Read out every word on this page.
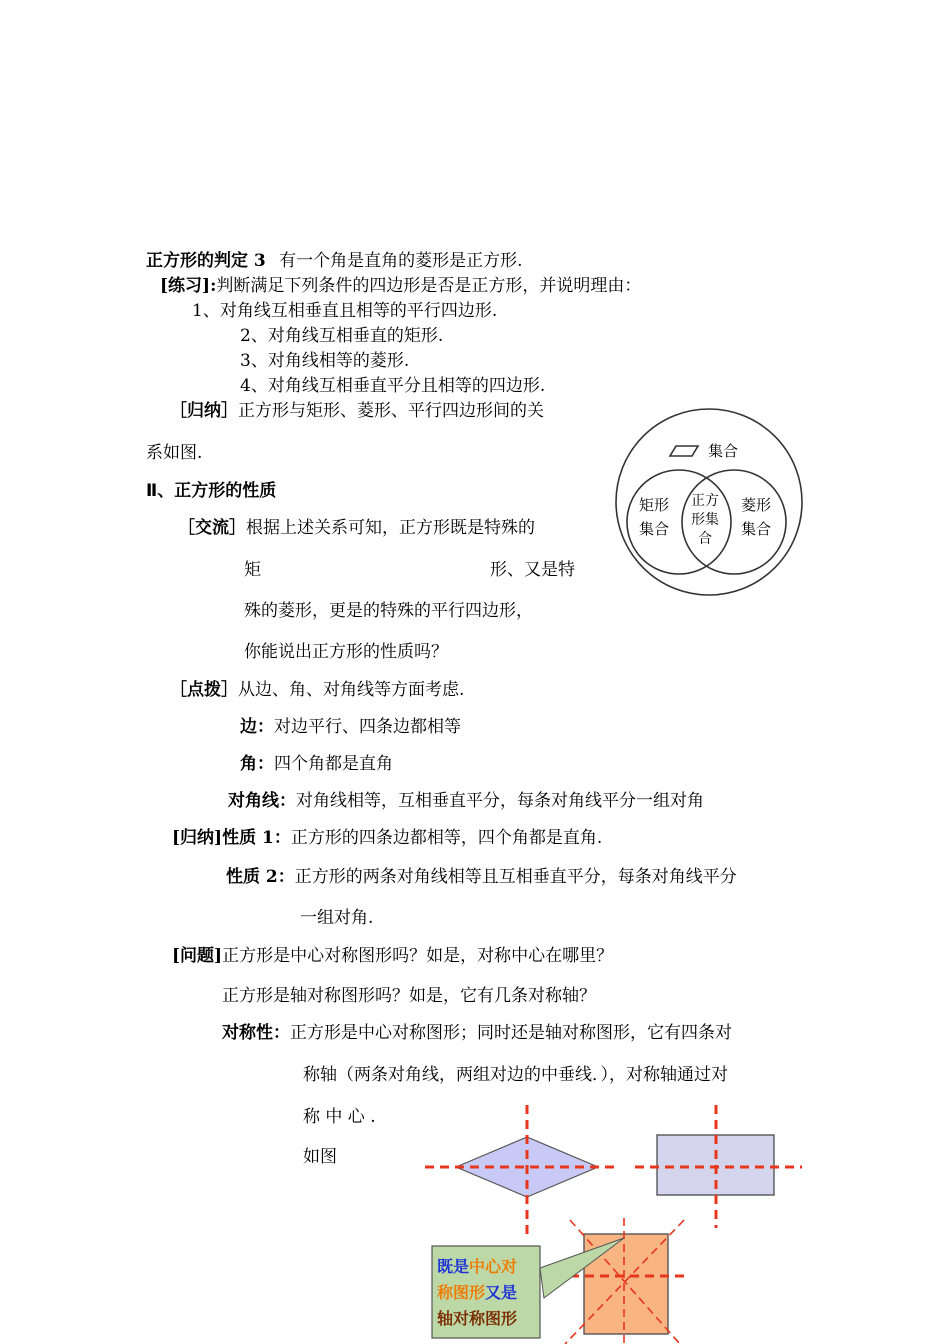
正方形的判定 3 有一个角是直角的菱形是正方形.
[练习]:判断满足下列条件的四边形是否是正方形，并说明理由：
1、对角线互相垂直且相等的平行四边形.
2、对角线互相垂直的矩形.
3、对角线相等的菱形.
4、对角线互相垂直平分且相等的四边形.
［归纳］正方形与矩形、菱形、平行四边形间的关
系如图.	集合
矩形
集合
菱形
集合
正方
形集
合
Ⅱ、正方形的性质
［交流］根据上述关系可知，正方形既是特殊的
矩	形、又是特
殊的菱形，更是的特殊的平行四边形，
你能说出正方形的性质吗？
［点拨］从边、角、对角线等方面考虑.
边：对边平行、四条边都相等
角：四个角都是直角
对角线：对角线相等，互相垂直平分，每条对角线平分一组对角
[归纳]性质 1：正方形的四条边都相等，四个角都是直角.
性质 2：正方形的两条对角线相等且互相垂直平分，每条对角线平分
一组对角.
[问题]正方形是中心对称图形吗？如是，对称中心在哪里？
正方形是轴对称图形吗？如是，它有几条对称轴？
对称性：正方形是中心对称图形；同时还是轴对称图形，它有四条对
称轴（两条对角线，两组对边的中垂线．），对称轴通过对
称 中 心 .
如图
既是中心对
称图形又是
轴对称图形
